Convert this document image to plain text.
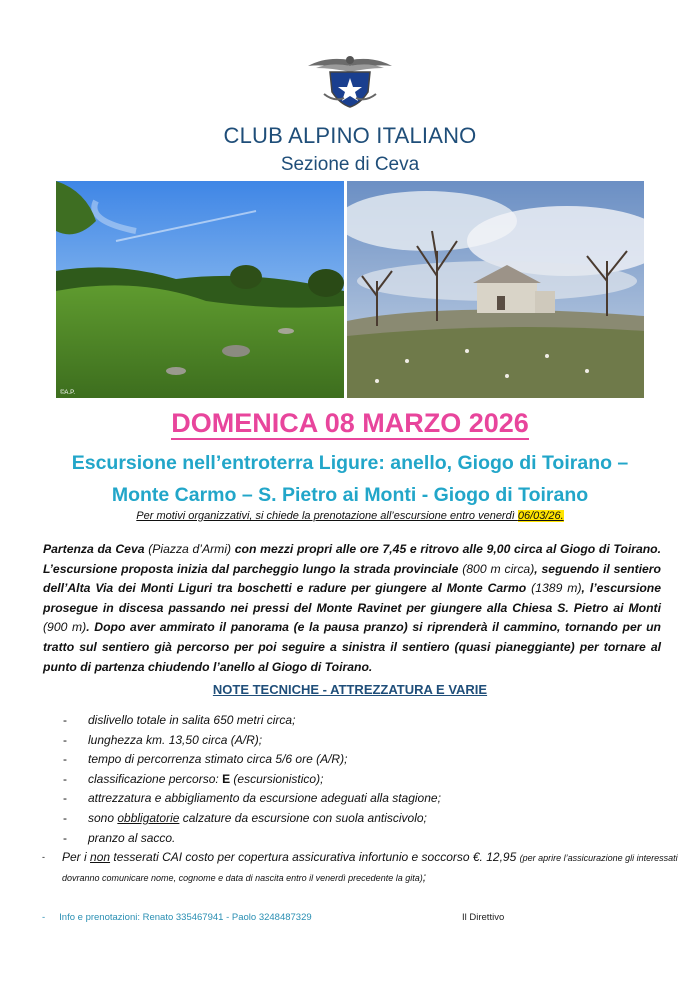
CLUB ALPINO ITALIANO
Sezione di Ceva
©A.P.
DOMENICA 08 MARZO 2026
Escursione nell’entroterra Ligure: anello, Giogo di Toirano –
Monte Carmo – S. Pietro ai Monti - Giogo di Toirano
Per motivi organizzativi, si chiede la prenotazione all’escursione entro venerdì 06/03/26.
Partenza da Ceva (Piazza d’Armi) con mezzi propri alle ore 7,45 e ritrovo alle 9,00 circa al Giogo di Toirano. L’escursione proposta inizia dal parcheggio lungo la strada provinciale (800 m circa), seguendo il sentiero dell’Alta Via dei Monti Liguri tra boschetti e radure per giungere al Monte Carmo (1389 m), l’escursione prosegue in discesa passando nei pressi del Monte Ravinet per giungere alla Chiesa S. Pietro ai Monti (900 m). Dopo aver ammirato il panorama (e la pausa pranzo) si riprenderà il cammino, tornando per un tratto sul sentiero già percorso per poi seguire a sinistra il sentiero (quasi pianeggiante) per tornare al punto di partenza chiudendo l’anello al Giogo di Toirano.
NOTE TECNICHE - ATTREZZATURA E VARIE
- dislivello totale in salita 650 metri circa;
- lunghezza km. 13,50 circa (A/R);
- tempo di percorrenza stimato circa 5/6 ore (A/R);
- classificazione percorso: E (escursionistico);
- attrezzatura e abbigliamento da escursione adeguati alla stagione;
- sono obbligatorie calzature da escursione con suola antiscivolo;
- pranzo al sacco.
-	Per i non tesserati CAI costo per copertura assicurativa infortunio e soccorso €. 12,95 (per aprire l’assicurazione gli interessati dovranno comunicare nome, cognome e data di nascita entro il venerdì precedente la gita);
- Info e prenotazioni: Renato 335467941 - Paolo 3248487329	Il Direttivo
